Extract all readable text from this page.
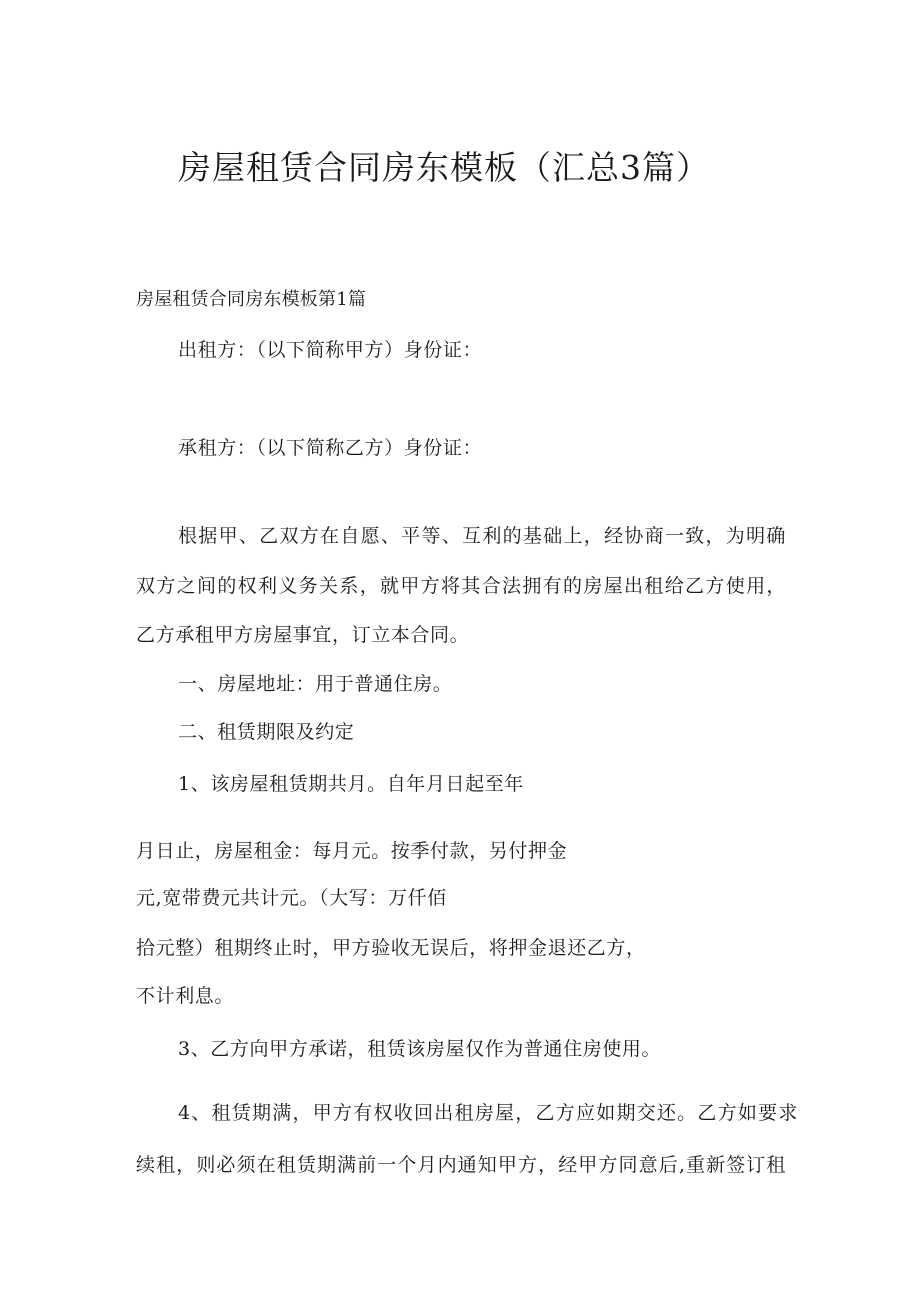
房屋租赁合同房东模板（汇总3篇）
房屋租赁合同房东模板第1篇
出租方：（以下简称甲方）身份证：
承租方：（以下简称乙方）身份证：
根据甲、乙双方在自愿、平等、互利的基础上，经协商一致，为明确
双方之间的权利义务关系，就甲方将其合法拥有的房屋出租给乙方使用，
乙方承租甲方房屋事宜，订立本合同。
一、房屋地址：用于普通住房。
二、租赁期限及约定
1、该房屋租赁期共月。自年月日起至年
月日止，房屋租金：每月元。按季付款，另付押金
元,宽带费元共计元。（大写：万仟佰
拾元整）租期终止时，甲方验收无误后，将押金退还乙方，
不计利息。
3、乙方向甲方承诺，租赁该房屋仅作为普通住房使用。
4、租赁期满，甲方有权收回出租房屋，乙方应如期交还。乙方如要求
续租，则必须在租赁期满前一个月内通知甲方，经甲方同意后,重新签订租
